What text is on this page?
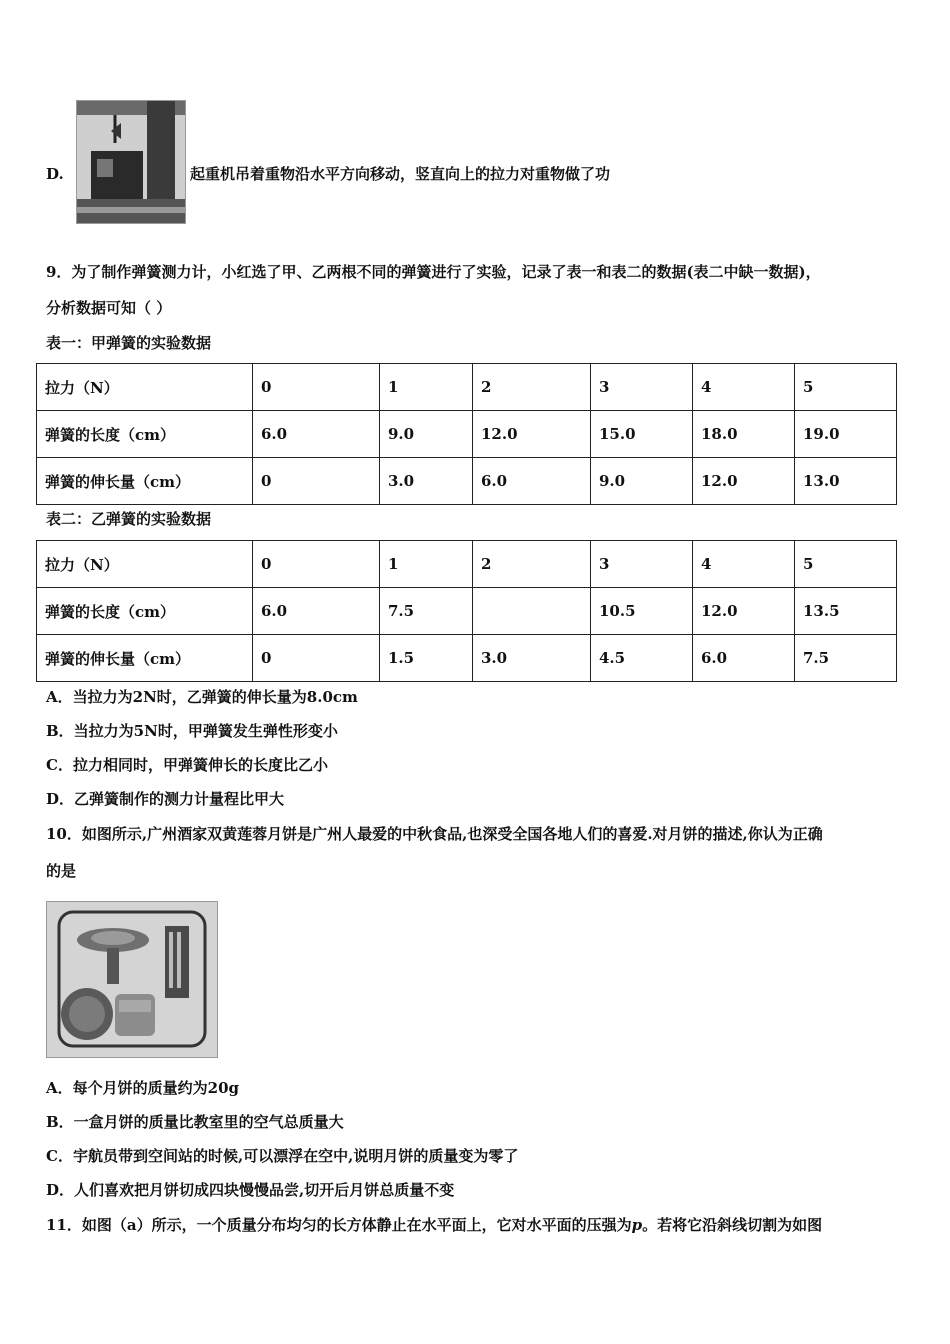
D.	起重机吊着重物沿水平方向移动，竖直向上的拉力对重物做了功
9．为了制作弹簧测力计，小红选了甲、乙两根不同的弹簧进行了实验，记录了表一和表二的数据(表二中缺一数据)，
分析数据可知（ ）
表一：甲弹簧的实验数据
拉力（N）	0	1	2	3	4	5
弹簧的长度（cm）	6.0	9.0	12.0	15.0	18.0	19.0
弹簧的伸长量（cm）	0	3.0	6.0	9.0	12.0	13.0
表二：乙弹簧的实验数据
拉力（N）	0	1	2	3	4	5
弹簧的长度（cm）	6.0	7.5		10.5	12.0	13.5
弹簧的伸长量（cm）	0	1.5	3.0	4.5	6.0	7.5
A．当拉力为2N时，乙弹簧的伸长量为8.0cm
B．当拉力为5N时，甲弹簧发生弹性形变小
C．拉力相同时，甲弹簧伸长的长度比乙小
D．乙弹簧制作的测力计量程比甲大
10．如图所示,广州酒家双黄莲蓉月饼是广州人最爱的中秋食品,也深受全国各地人们的喜爱.对月饼的描述,你认为正确
的是
A．每个月饼的质量约为20g
B．一盒月饼的质量比教室里的空气总质量大
C．宇航员带到空间站的时候,可以漂浮在空中,说明月饼的质量变为零了
D．人们喜欢把月饼切成四块慢慢品尝,切开后月饼总质量不变
11．如图（a）所示，一个质量分布均匀的长方体静止在水平面上，它对水平面的压强为p。若将它沿斜线切割为如图
